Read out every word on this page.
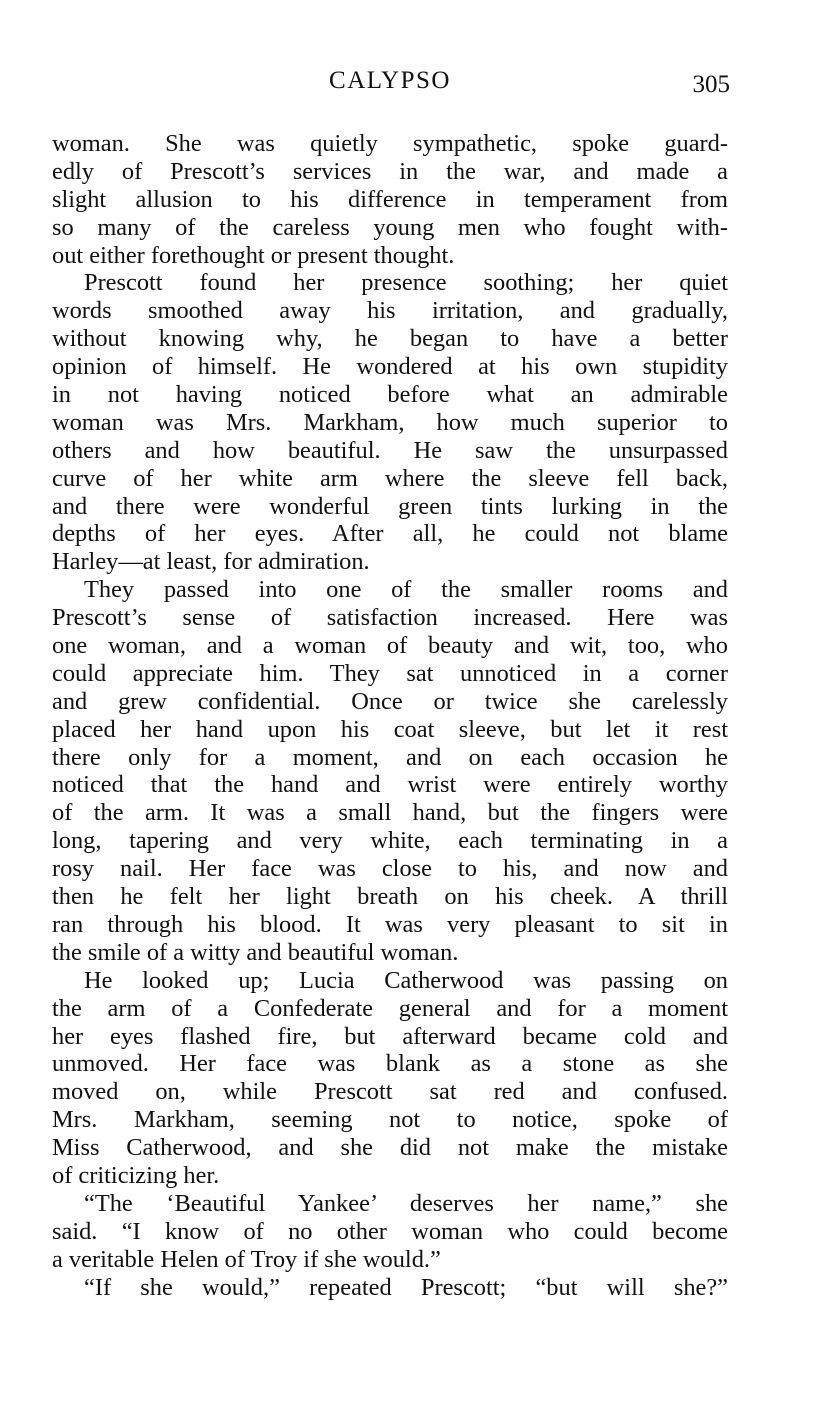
CALYPSO	305
woman. She was quietly sympathetic, spoke guard-
edly of Prescott’s services in the war, and made a
slight allusion to his difference in temperament from
so many of the careless young men who fought with-
out either forethought or present thought.
Prescott found her presence soothing; her quiet
words smoothed away his irritation, and gradually,
without knowing why, he began to have a better
opinion of himself. He wondered at his own stupidity
in not having noticed before what an admirable
woman was Mrs. Markham, how much superior to
others and how beautiful. He saw the unsurpassed
curve of her white arm where the sleeve fell back,
and there were wonderful green tints lurking in the
depths of her eyes. After all, he could not blame
Harley—at least, for admiration.
They passed into one of the smaller rooms and
Prescott’s sense of satisfaction increased. Here was
one woman, and a woman of beauty and wit, too, who
could appreciate him. They sat unnoticed in a corner
and grew confidential. Once or twice she carelessly
placed her hand upon his coat sleeve, but let it rest
there only for a moment, and on each occasion he
noticed that the hand and wrist were entirely worthy
of the arm. It was a small hand, but the fingers were
long, tapering and very white, each terminating in a
rosy nail. Her face was close to his, and now and
then he felt her light breath on his cheek. A thrill
ran through his blood. It was very pleasant to sit in
the smile of a witty and beautiful woman.
He looked up; Lucia Catherwood was passing on
the arm of a Confederate general and for a moment
her eyes flashed fire, but afterward became cold and
unmoved. Her face was blank as a stone as she
moved on, while Prescott sat red and confused.
Mrs. Markham, seeming not to notice, spoke of
Miss Catherwood, and she did not make the mistake
of criticizing her.
“The ‘Beautiful Yankee’ deserves her name,” she
said. “I know of no other woman who could become
a veritable Helen of Troy if she would.”
“If she would,” repeated Prescott; “but will she?”
